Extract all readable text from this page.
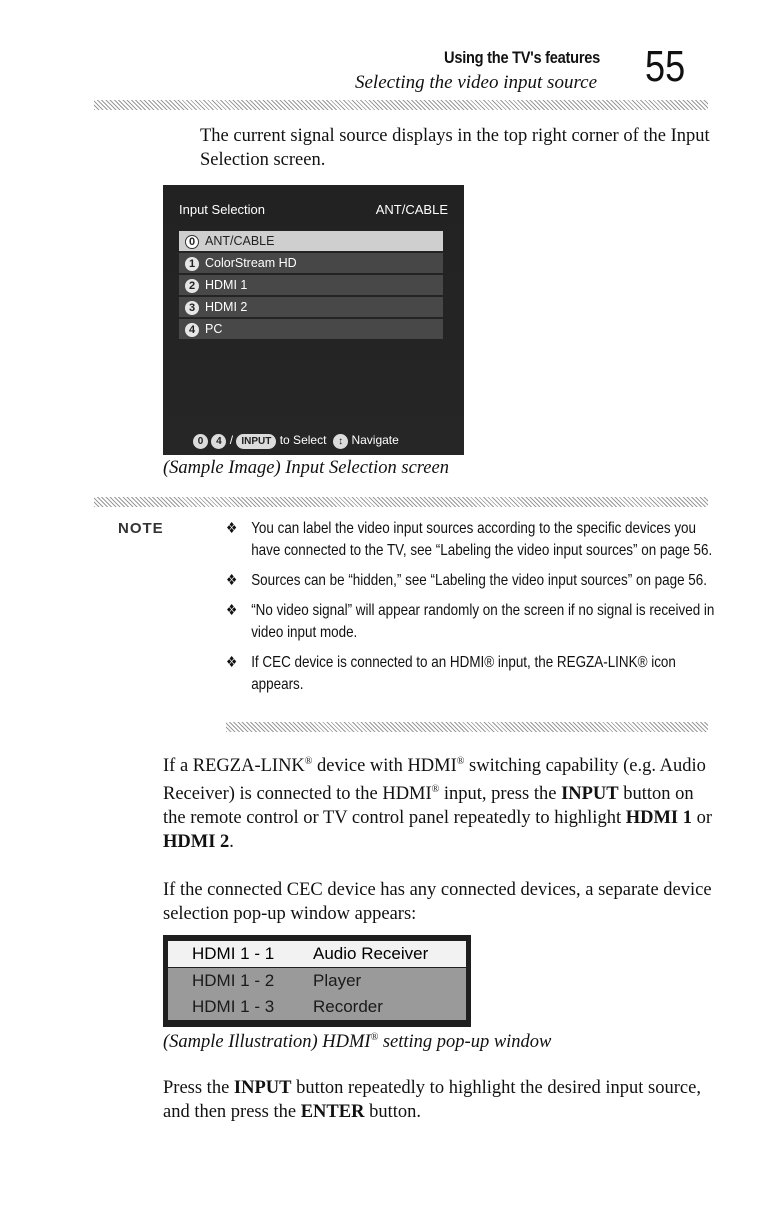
Using the TV's features
Selecting the video input source 55
The current signal source displays in the top right corner of the Input Selection screen.
Input Selection	ANT/CABLE
0 ANT/CABLE
1 ColorStream HD
2 HDMI 1
3 HDMI 2
4 PC
0 4 / INPUT to Select ↕ Navigate
(Sample Image) Input Selection screen
NOTE	❖ You can label the video input sources according to the specific devices you have connected to the TV, see “Labeling the video input sources” on page 56.
❖ Sources can be “hidden,” see “Labeling the video input sources” on page 56.
❖ “No video signal” will appear randomly on the screen if no signal is received in video input mode.
❖ If CEC device is connected to an HDMI® input, the REGZA-LINK® icon appears.
If a REGZA-LINK® device with HDMI® switching capability (e.g. Audio Receiver) is connected to the HDMI® input, press the INPUT button on the remote control or TV control panel repeatedly to highlight HDMI 1 or HDMI 2.
If the connected CEC device has any connected devices, a separate device selection pop-up window appears:
HDMI 1 - 1 Audio Receiver
HDMI 1 - 2 Player
HDMI 1 - 3 Recorder
(Sample Illustration) HDMI® setting pop-up window
Press the INPUT button repeatedly to highlight the desired input source, and then press the ENTER button.
